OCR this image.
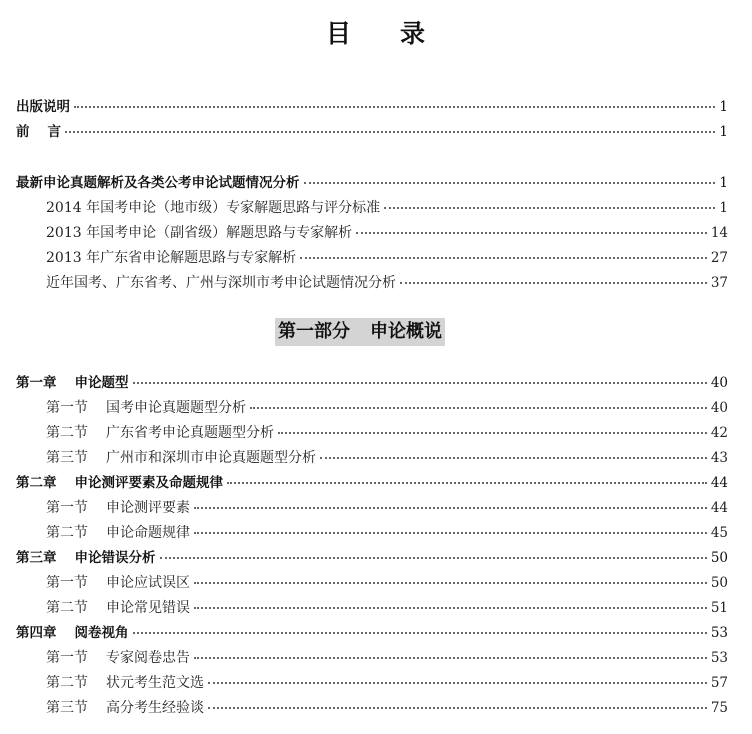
目 录
出版说明	1
前 言	1
最新申论真题解析及各类公考申论试题情况分析	1
2014 年国考申论（地市级）专家解题思路与评分标准	1
2013 年国考申论（副省级）解题思路与专家解析	14
2013 年广东省申论解题思路与专家解析	27
近年国考、广东省考、广州与深圳市考申论试题情况分析	37
第一部分 申论概说
第一章 申论题型	40
第一节 国考申论真题题型分析	40
第二节 广东省考申论真题题型分析	42
第三节 广州市和深圳市申论真题题型分析	43
第二章 申论测评要素及命题规律	44
第一节 申论测评要素	44
第二节 申论命题规律	45
第三章 申论错误分析	50
第一节 申论应试误区	50
第二节 申论常见错误	51
第四章 阅卷视角	53
第一节 专家阅卷忠告	53
第二节 状元考生范文选	57
第三节 高分考生经验谈	75
